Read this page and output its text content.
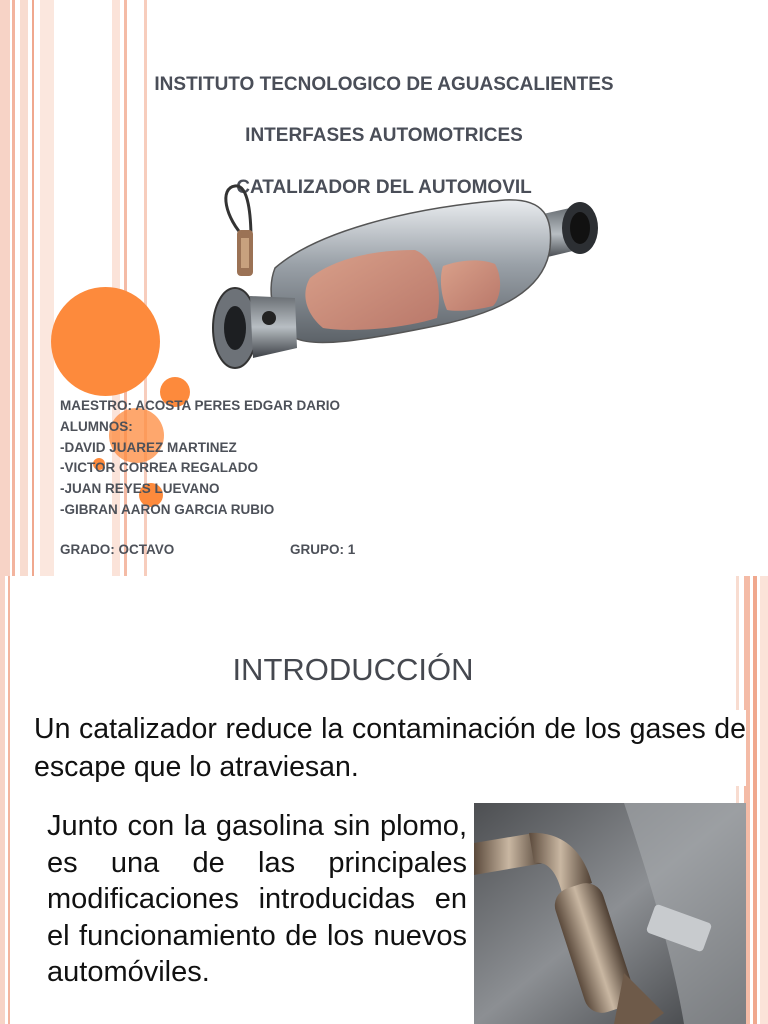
INSTITUTO TECNOLOGICO DE AGUASCALIENTES
INTERFASES AUTOMOTRICES
CATALIZADOR DEL AUTOMOVIL
MAESTRO: ACOSTA PERES EDGAR DARIO
ALUMNOS:
-DAVID JUAREZ MARTINEZ
-VICTOR CORREA REGALADO
-JUAN REYES LUEVANO
-GIBRAN AARON GARCIA RUBIO
GRADO: OCTAVO	GRUPO: 1
INTRODUCCIÓN
Un catalizador reduce la contaminación de los gases de escape que lo atraviesan.
Junto con la gasolina sin plomo, es una de las principales modificaciones introducidas en el funcionamiento de los nuevos automóviles.
